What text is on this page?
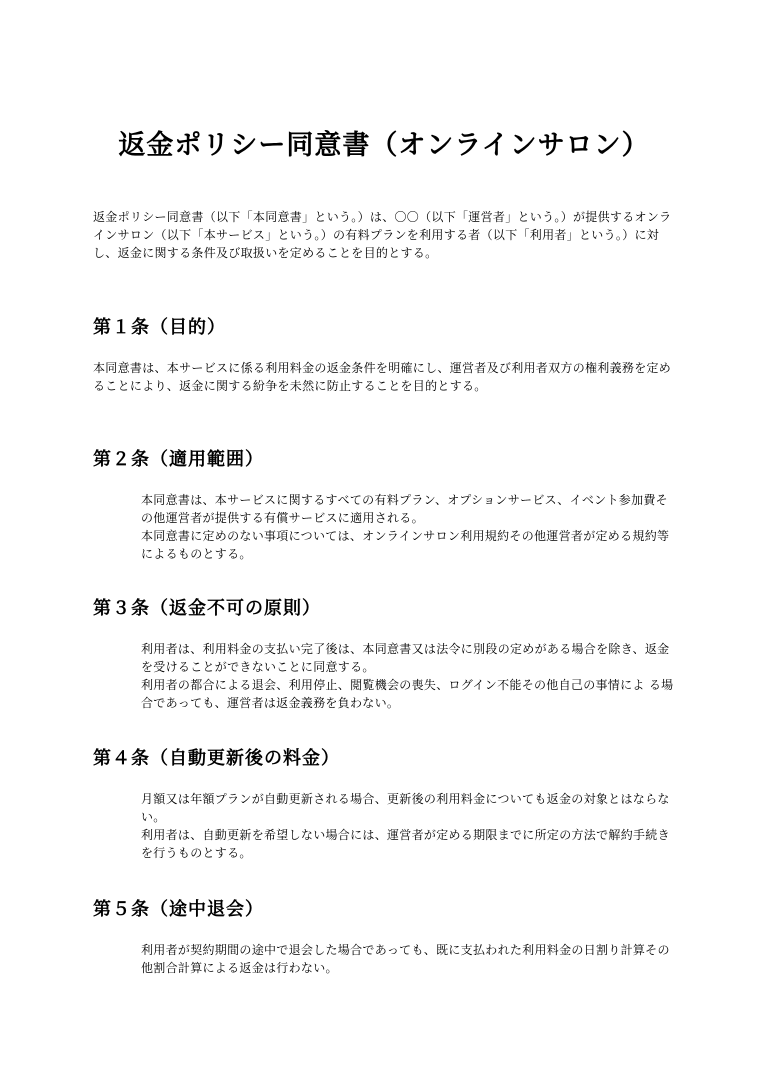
返金ポリシー同意書（オンラインサロン）
返金ポリシー同意書（以下「本同意書」という。）は、〇〇（以下「運営者」という。）が提供するオンラインサロン（以下「本サービス」という。）の有料プランを利用する者（以下「利用者」という。）に対し、返金に関する条件及び取扱いを定めることを目的とする。
第１条（目的）

本同意書は、本サービスに係る利用料金の返金条件を明確にし、運営者及び利用者双方の権利義務を定めることにより、返金に関する紛争を未然に防止することを目的とする。

第２条（適用範囲）

本同意書は、本サービスに関するすべての有料プラン、オプションサービス、イベント参加費その他運営者が提供する有償サービスに適用される。

本同意書に定めのない事項については、オンラインサロン利用規約その他運営者が定める規約等によるものとする。

第３条（返金不可の原則）

利用者は、利用料金の支払い完了後は、本同意書又は法令に別段の定めがある場合を除き、返金を受けることができないことに同意する。

利用者の都合による退会、利用停止、閲覧機会の喪失、ログイン不能その他自己の事情によ る場合であっても、運営者は返金義務を負わない。

第４条（自動更新後の料金）

月額又は年額プランが自動更新される場合、更新後の利用料金についても返金の対象とはならない。

利用者は、自動更新を希望しない場合には、運営者が定める期限までに所定の方法で解約手続きを行うものとする。

第５条（途中退会）

利用者が契約期間の途中で退会した場合であっても、既に支払われた利用料金の日割り計算その他割合計算による返金は行わない。
